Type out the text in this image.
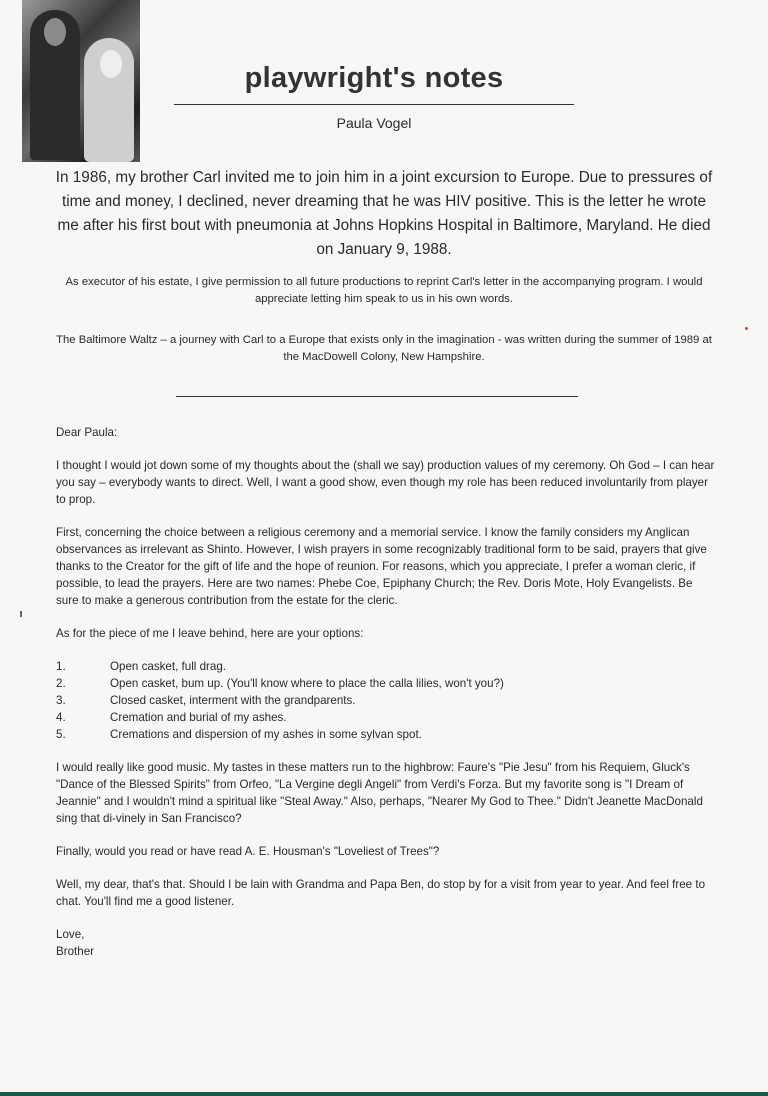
playwright's notes
Paula Vogel

In 1986, my brother Carl invited me to join him in a joint excursion to Europe. Due to pressures of time and money, I declined, never dreaming that he was HIV positive. This is the letter he wrote me after his first bout with pneumonia at Johns Hopkins Hospital in Baltimore, Maryland. He died on January 9, 1988.

As executor of his estate, I give permission to all future productions to reprint Carl's letter in the accompanying program. I would appreciate letting him speak to us in his own words.

The Baltimore Waltz – a journey with Carl to a Europe that exists only in the imagination - was written during the summer of 1989 at the MacDowell Colony, New Hampshire.

Dear Paula:

I thought I would jot down some of my thoughts about the (shall we say) production values of my ceremony. Oh God – I can hear you say – everybody wants to direct. Well, I want a good show, even though my role has been reduced involuntarily from player to prop.

First, concerning the choice between a religious ceremony and a memorial service. I know the family considers my Anglican observances as irrelevant as Shinto. However, I wish prayers in some recognizably traditional form to be said, prayers that give thanks to the Creator for the gift of life and the hope of reunion. For reasons, which you appreciate, I prefer a woman cleric, if possible, to lead the prayers. Here are two names: Phebe Coe, Epiphany Church; the Rev. Doris Mote, Holy Evangelists. Be sure to make a generous contribution from the estate for the cleric.

As for the piece of me I leave behind, here are your options:

1.	Open casket, full drag.
2.	Open casket, bum up. (You'll know where to place the calla lilies, won't you?)
3.	Closed casket, interment with the grandparents.
4.	Cremation and burial of my ashes.
5.	Cremations and dispersion of my ashes in some sylvan spot.

I would really like good music. My tastes in these matters run to the highbrow: Faure's "Pie Jesu" from his Requiem, Gluck's "Dance of the Blessed Spirits" from Orfeo, "La Vergine degli Angeli" from Verdi's Forza. But my favorite song is "I Dream of Jeannie" and I wouldn't mind a spiritual like "Steal Away." Also, perhaps, "Nearer My God to Thee." Didn't Jeanette MacDonald sing that di-vinely in San Francisco?

Finally, would you read or have read A. E. Housman's "Loveliest of Trees"?

Well, my dear, that's that. Should I be lain with Grandma and Papa Ben, do stop by for a visit from year to year. And feel free to chat. You'll find me a good listener.

Love,

Brother
